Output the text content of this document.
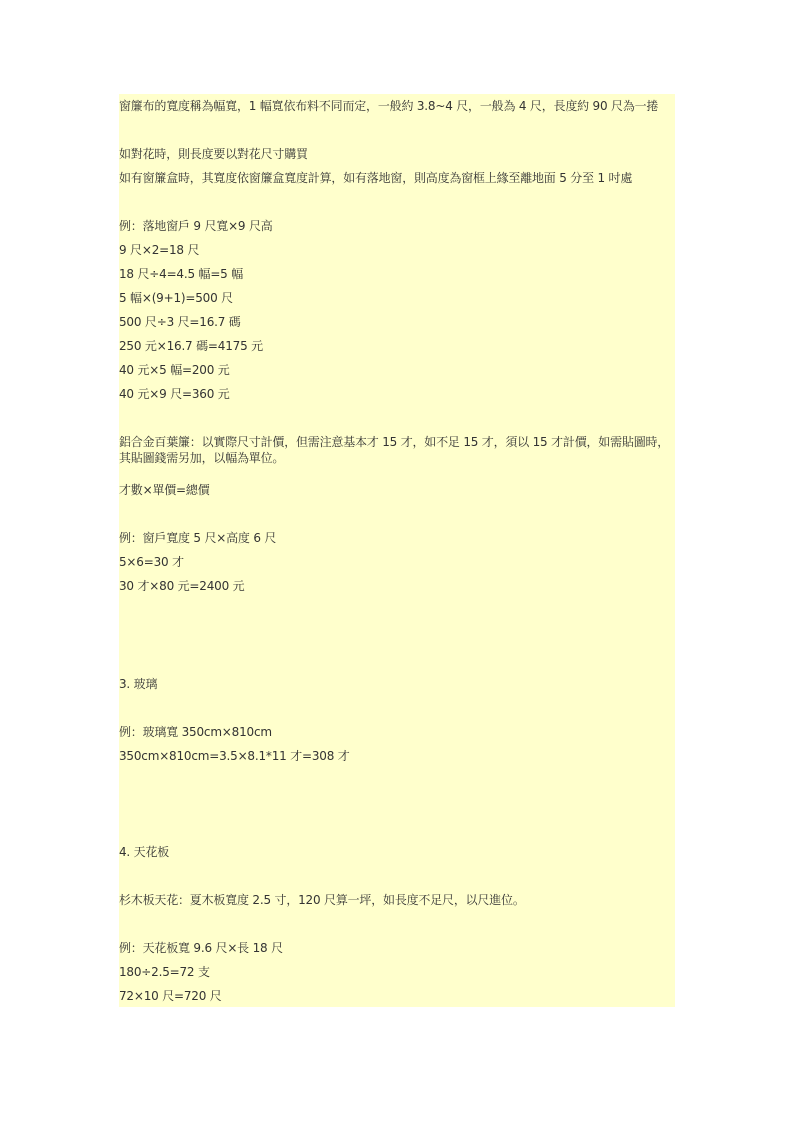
窗簾布的寬度稱為幅寬，1 幅寬依布料不同而定，一般約 3.8~4 尺，一般為 4 尺，長度約 90 尺為一捲
如對花時，則長度要以對花尺寸購買
如有窗簾盒時，其寬度依窗簾盒寬度計算，如有落地窗，則高度為窗框上緣至離地面 5 分至 1 吋處
例：落地窗戶 9 尺寬×9 尺高
9 尺×2=18 尺
18 尺÷4=4.5 幅=5 幅
5 幅×(9+1)=500 尺
500 尺÷3 尺=16.7 碼
250 元×16.7 碼=4175 元
40 元×5 幅=200 元
40 元×9 尺=360 元
鋁合金百葉簾：以實際尺寸計價，但需注意基本才 15 才，如不足 15 才，須以 15 才計價，如需貼圖時，其貼圖錢需另加，以幅為單位。
才數×單價=總價
例：窗戶寬度 5 尺×高度 6 尺
5×6=30 才
30 才×80 元=2400 元
3. 玻璃
例：玻璃寬 350cm×810cm
350cm×810cm=3.5×8.1*11 才=308 才
4. 天花板
杉木板天花：夏木板寬度 2.5 寸，120 尺算一坪，如長度不足尺，以尺進位。
例：天花板寬 9.6 尺×長 18 尺
180÷2.5=72 支
72×10 尺=720 尺
